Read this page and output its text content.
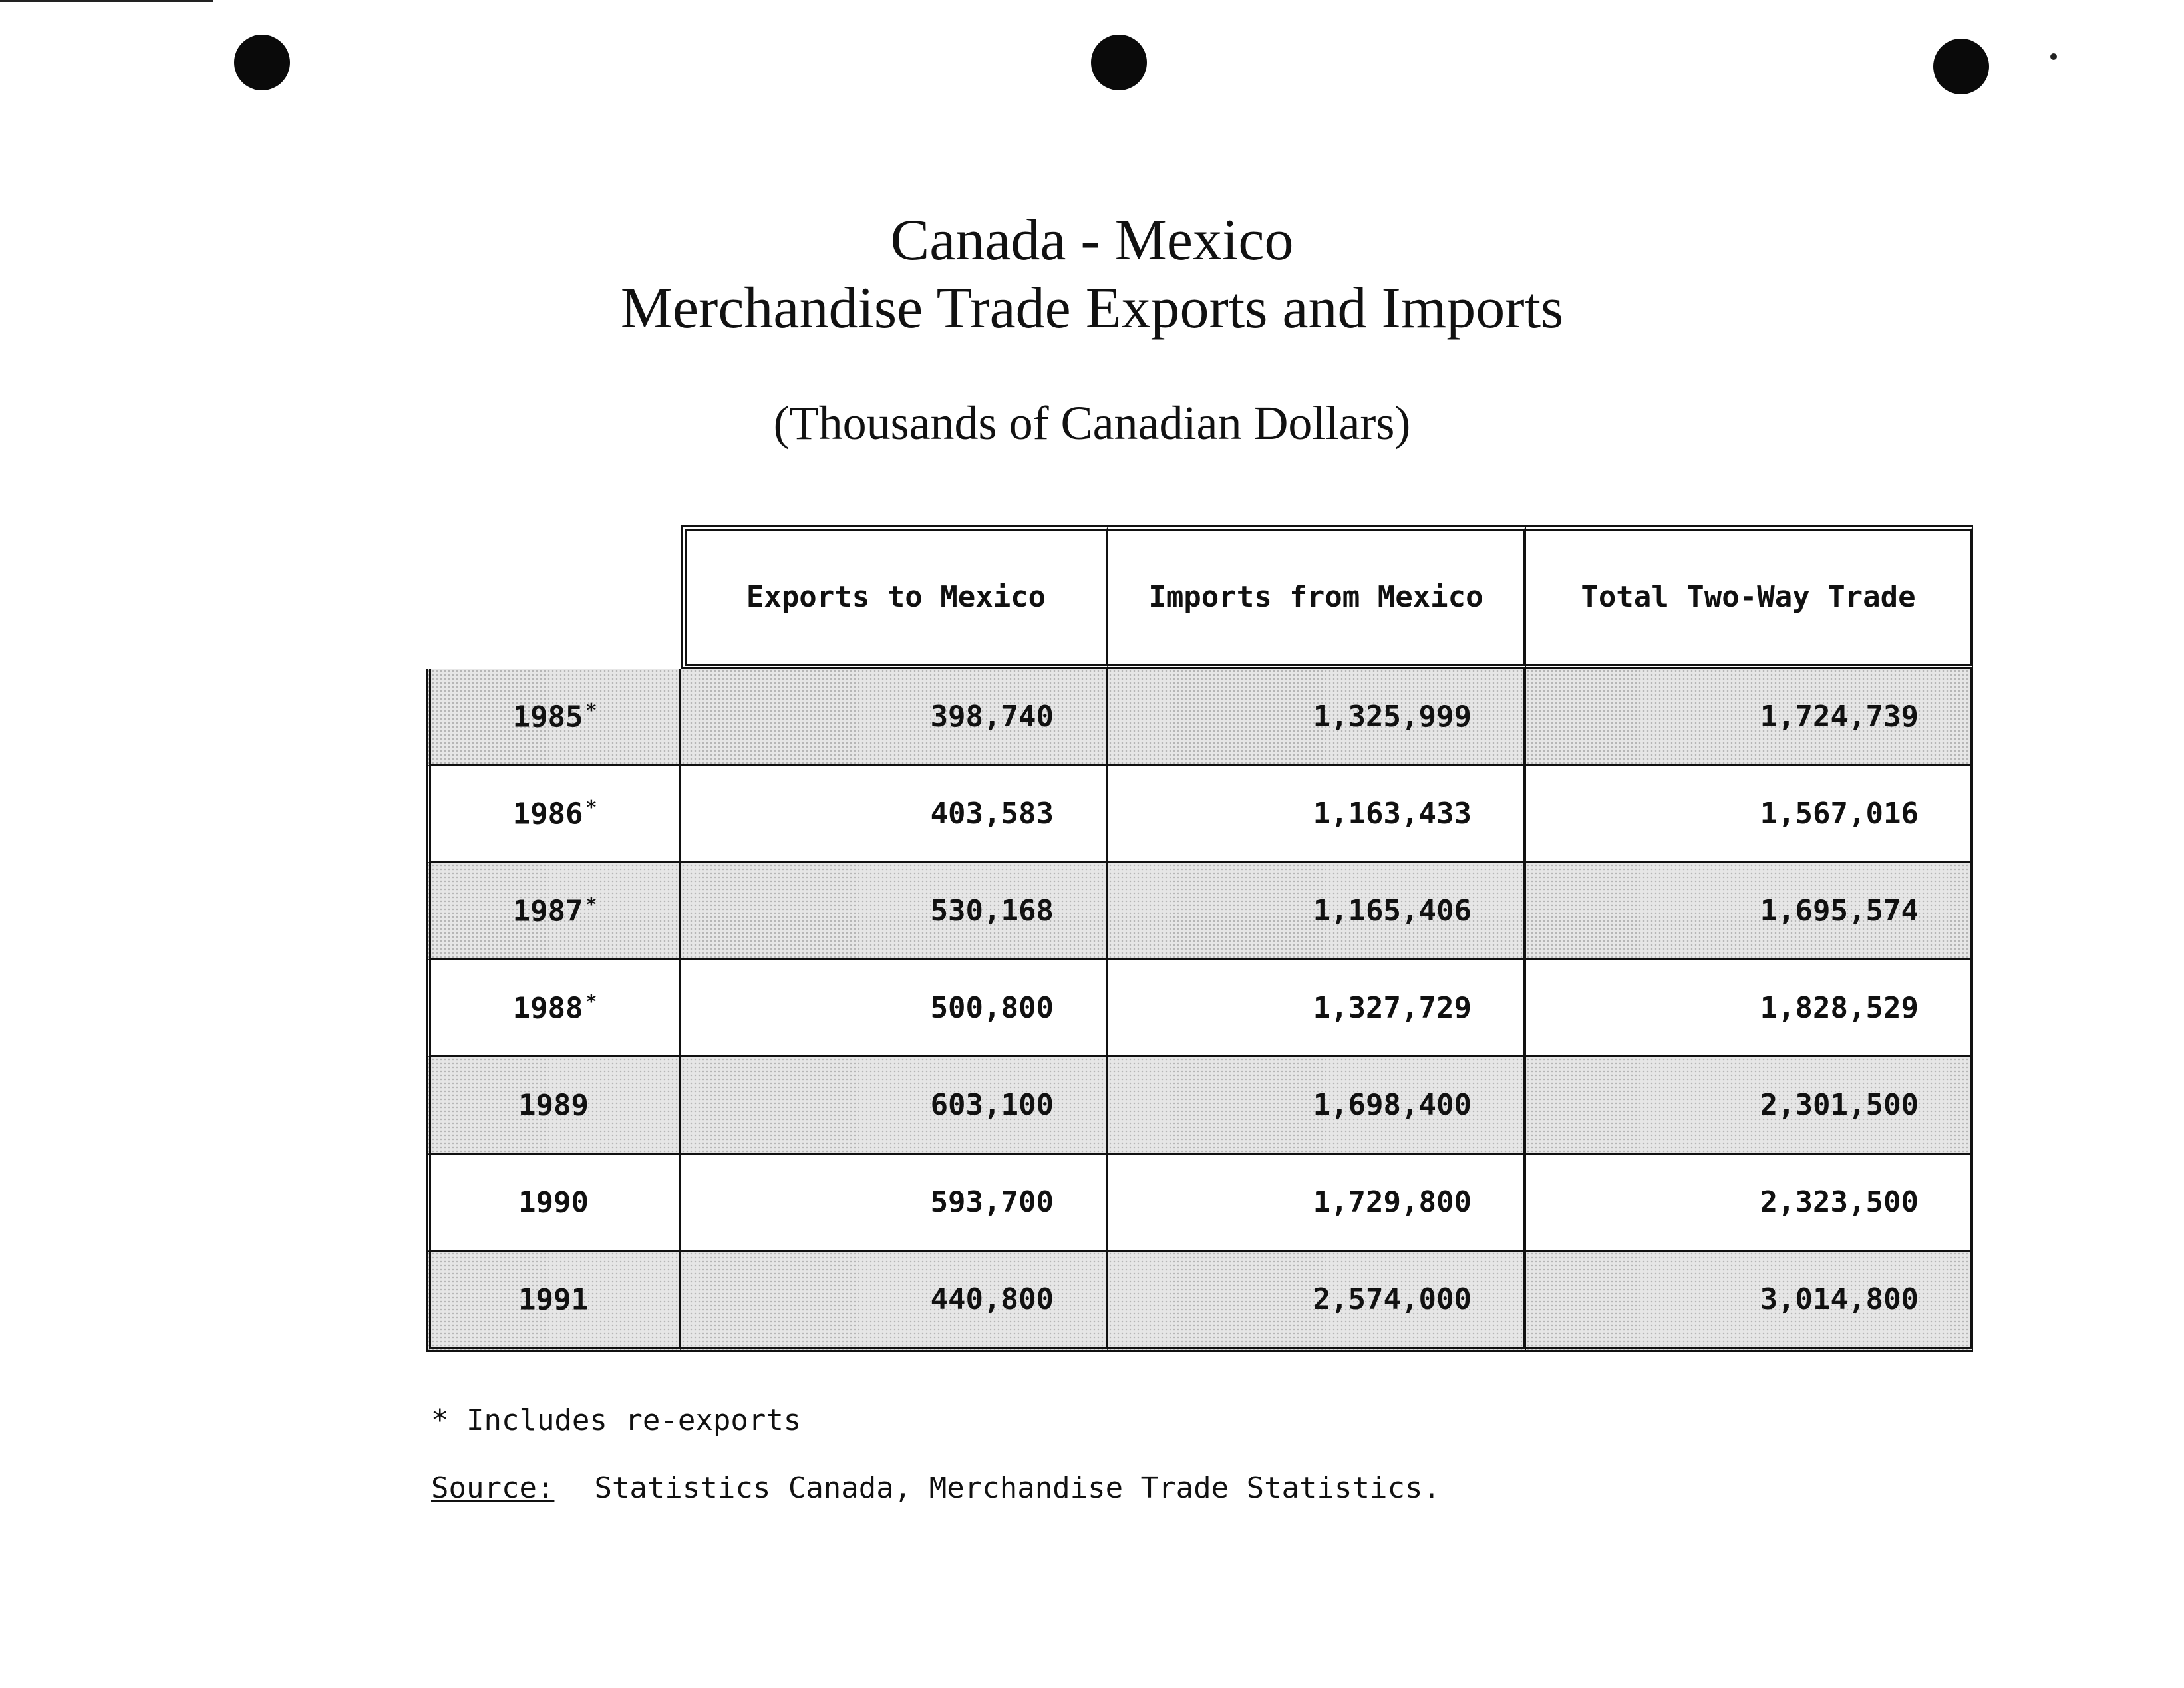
Canada - Mexico
Merchandise Trade Exports and Imports
(Thousands of Canadian Dollars)
	Exports to Mexico	Imports from Mexico	Total Two-Way Trade
1985 *	398,740	1,325,999	1,724,739
1986 *	403,583	1,163,433	1,567,016
1987 *	530,168	1,165,406	1,695,574
1988 *	500,800	1,327,729	1,828,529
1989	603,100	1,698,400	2,301,500
1990	593,700	1,729,800	2,323,500
1991	440,800	2,574,000	3,014,800
* Includes re-exports
Source: Statistics Canada, Merchandise Trade Statistics.
